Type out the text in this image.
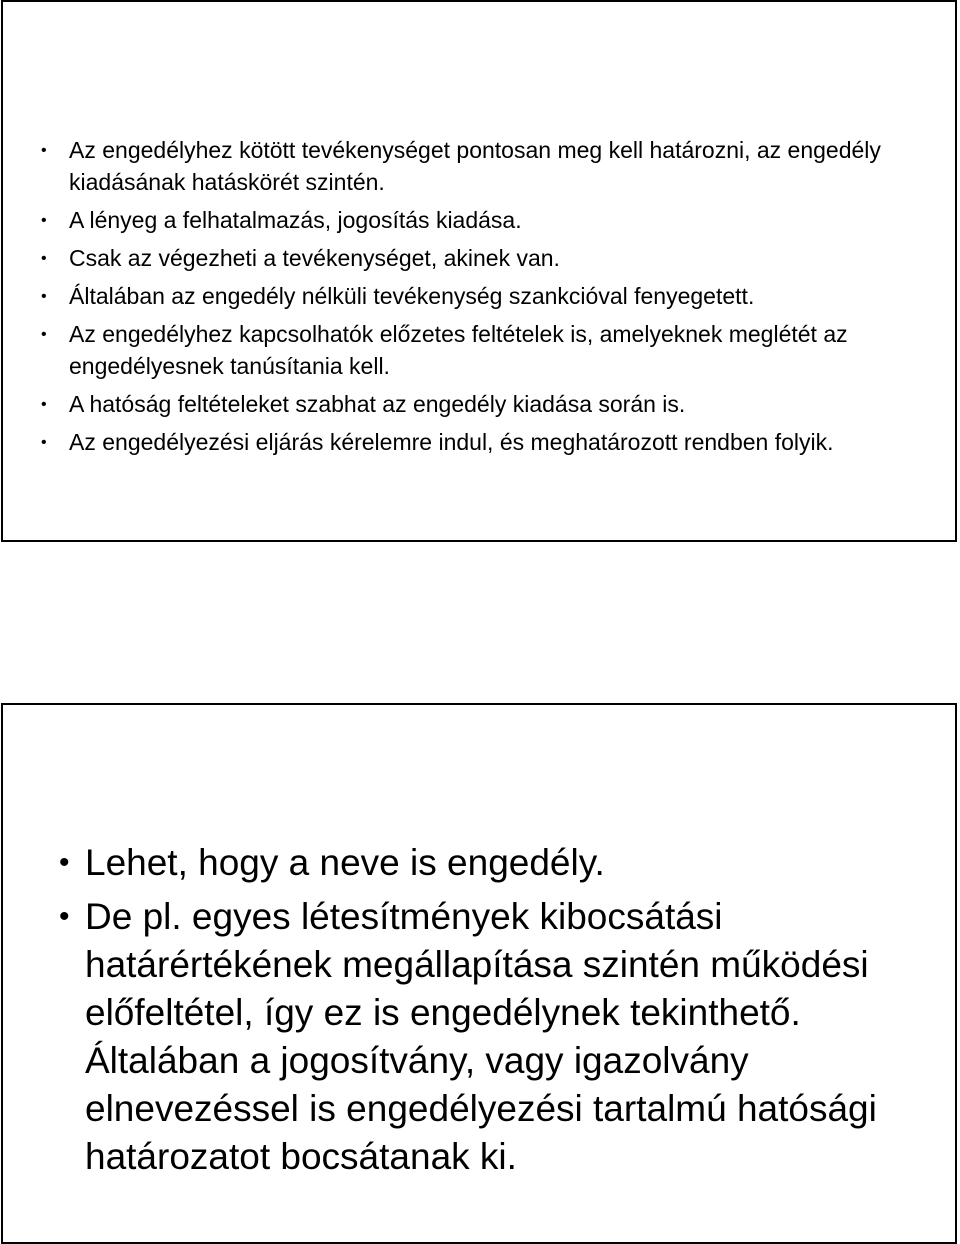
• Az engedélyhez kötött tevékenységet pontosan meg kell határozni, az engedély kiadásának hatáskörét szintén.
• A lényeg a felhatalmazás, jogosítás kiadása.
• Csak az végezheti a tevékenységet, akinek van.
• Általában az engedély nélküli tevékenység szankcióval fenyegetett.
• Az engedélyhez kapcsolhatók előzetes feltételek is, amelyeknek meglétét az engedélyesnek tanúsítania kell.
• A hatóság feltételeket szabhat az engedély kiadása során is.
• Az engedélyezési eljárás kérelemre indul, és meghatározott rendben folyik.
• Lehet, hogy a neve is engedély.
• De pl. egyes létesítmények kibocsátási határértékének megállapítása szintén működési előfeltétel, így ez is engedélynek tekinthető. Általában a jogosítvány, vagy igazolvány elnevezéssel is engedélyezési tartalmú hatósági határozatot bocsátanak ki.
